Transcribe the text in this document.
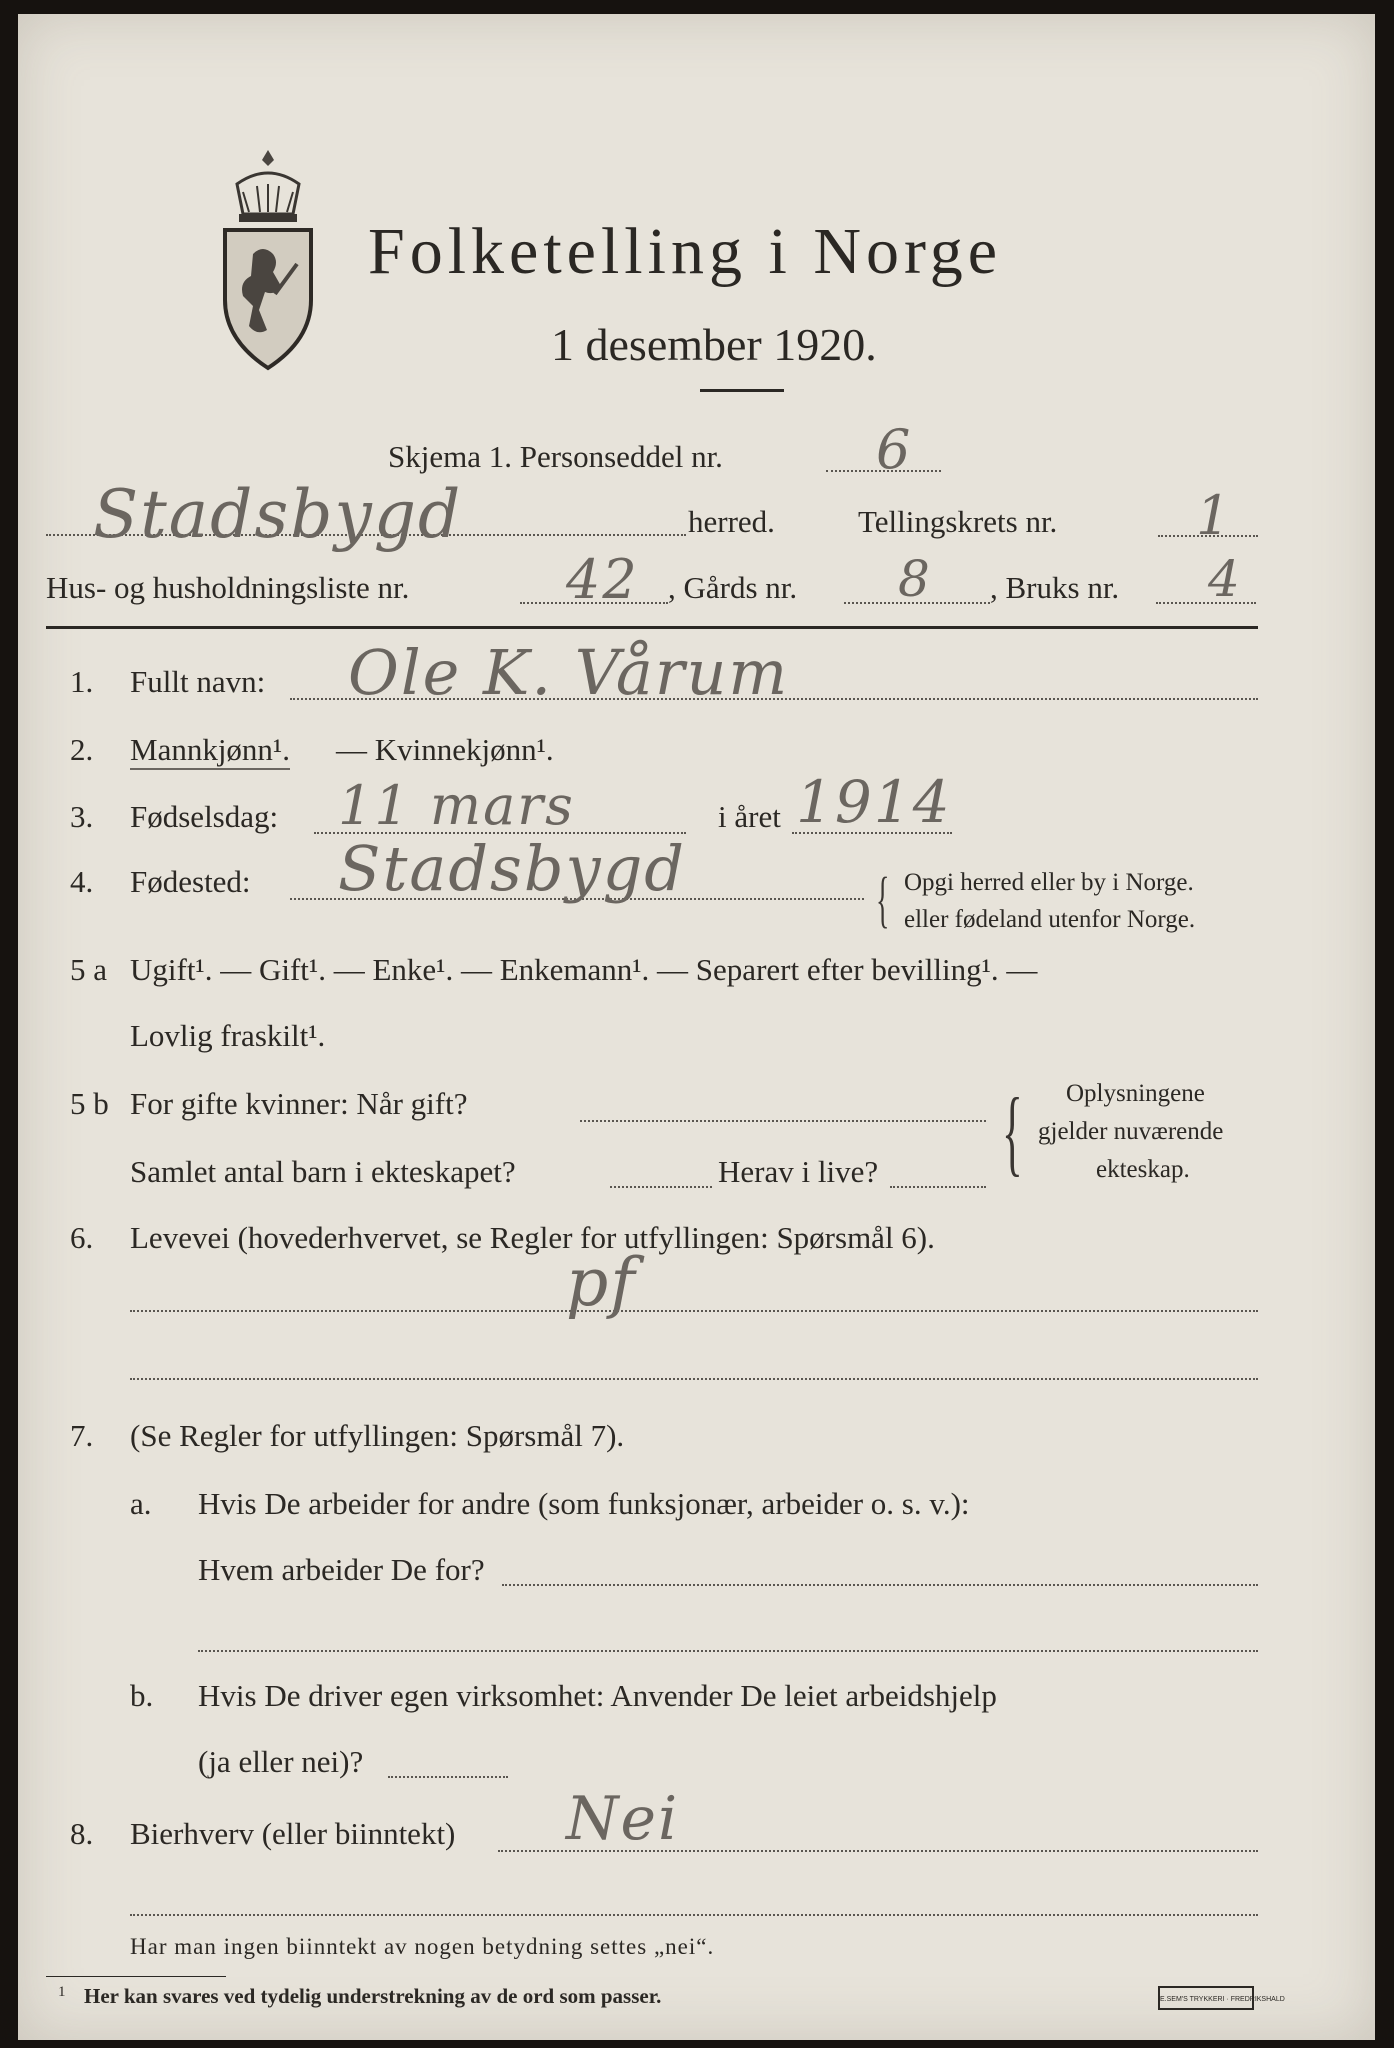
Folketelling i Norge
1 desember 1920.
Skjema 1. Personseddel nr.	6
Stadsbygd	herred.	Tellingskrets nr.	1
Hus- og husholdningsliste nr.	42 , Gårds nr. 8 , Bruks nr. 4
1. Fullt navn: Ole K. Vårum
2. Mannkjønn¹. — Kvinnekjønn¹.
3. Fødselsdag: 11 mars	i året 1914
4. Fødested: Stadsbygd	{ Opgi herred eller by i Norge.
eller fødeland utenfor Norge.
5 a Ugift¹. — Gift¹. — Enke¹. — Enkemann¹. — Separert efter bevilling¹. —
Lovlig fraskilt¹.
5 b For gifte kvinner: Når gift?
Samlet antal barn i ekteskapet?	Herav i live? { Oplysningene
gjelder nuværende
ekteskap.
6. Levevei (hovederhvervet, se Regler for utfyllingen: Spørsmål 6).
pf
7. (Se Regler for utfyllingen: Spørsmål 7).
a. Hvis De arbeider for andre (som funksjonær, arbeider o. s. v.):
Hvem arbeider De for?
b. Hvis De driver egen virksomhet: Anvender De leiet arbeidshjelp
(ja eller nei)?
8. Bierhverv (eller biinntekt) Nei
Har man ingen biinntekt av nogen betydning settes „nei“.
1 Her kan svares ved tydelig understrekning av de ord som passer.	E.SEM'S TRYKKERI · FREDRIKSHALD
